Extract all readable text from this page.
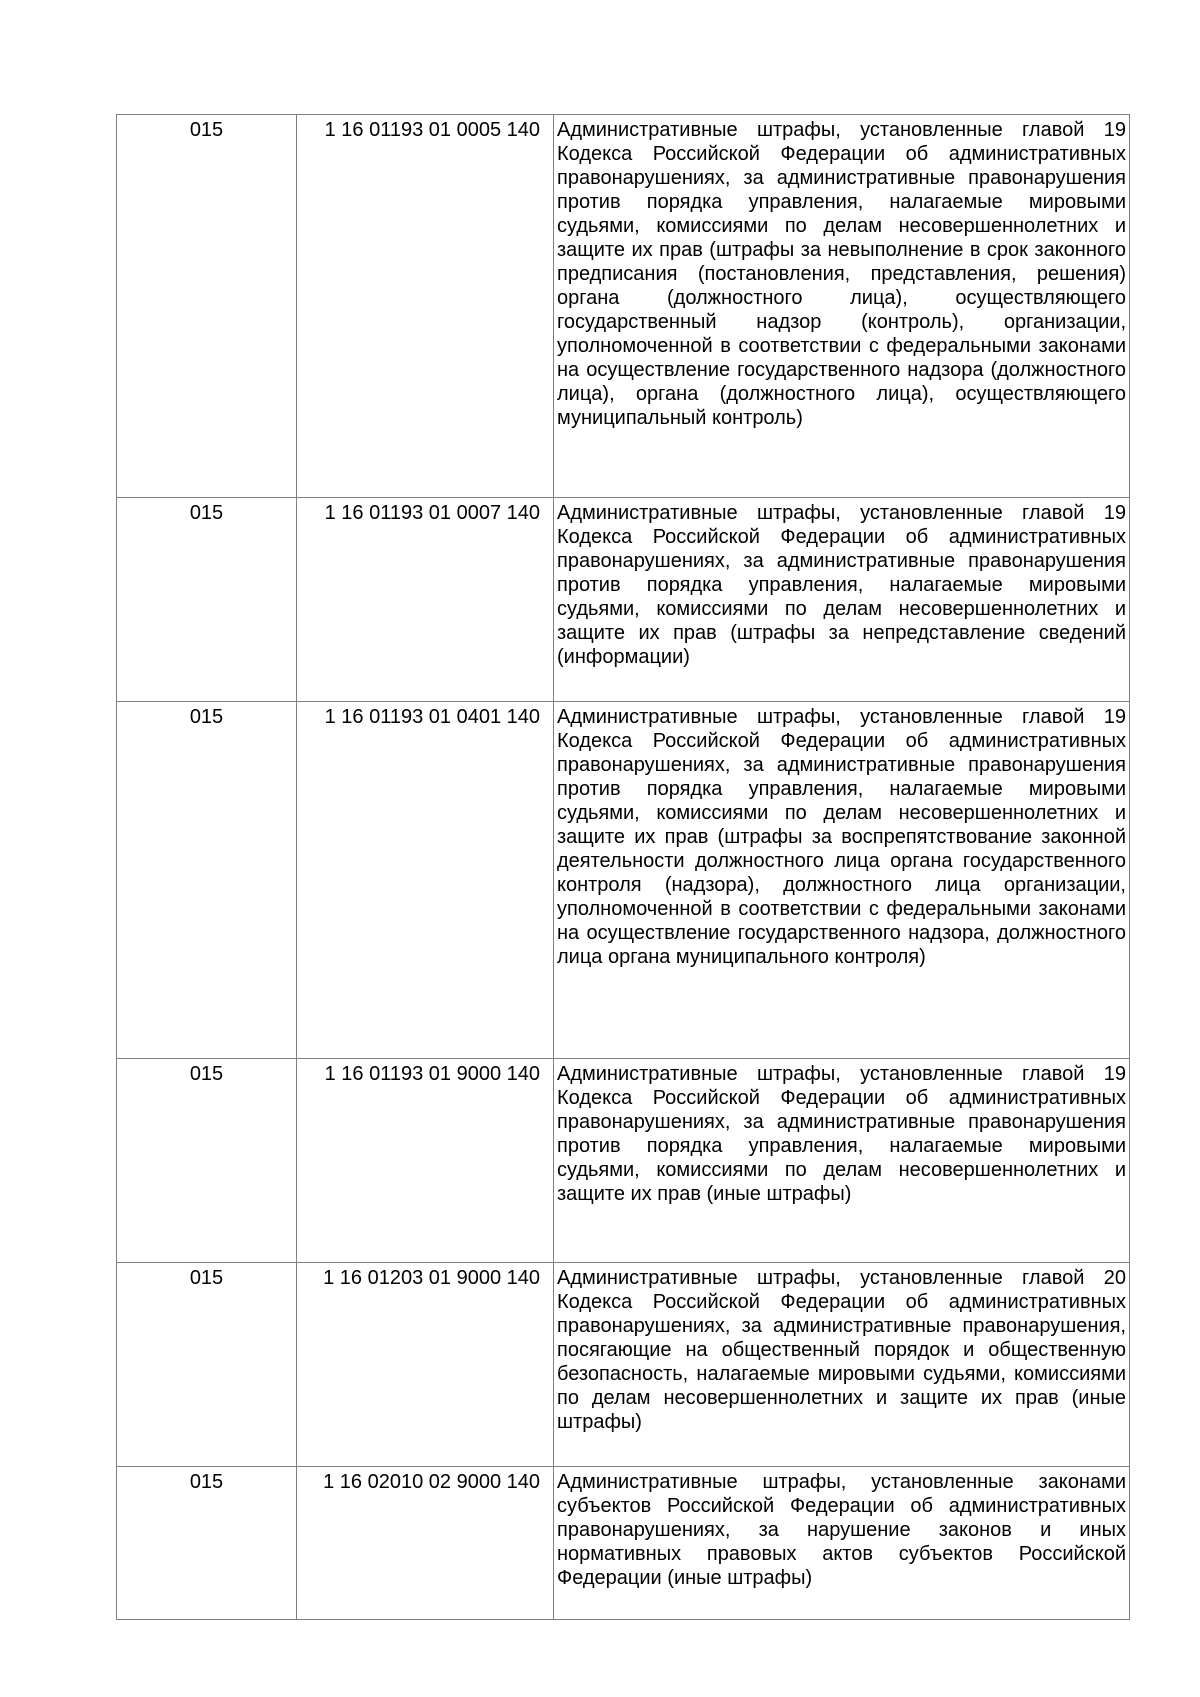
015	1 16 01193 01 0005 140	Административные штрафы, установленные главой 19 Кодекса Российской Федерации об административных правонарушениях, за административные правонарушения против порядка управления, налагаемые мировыми судьями, комиссиями по делам несовершеннолетних и защите их прав (штрафы за невыполнение в срок законного предписания (постановления, представления, решения) органа (должностного лица), осуществляющего государственный надзор (контроль), организации, уполномоченной в соответствии с федеральными законами на осуществление государственного надзора (должностного лица), органа (должностного лица), осуществляющего муниципальный контроль)
015	1 16 01193 01 0007 140	Административные штрафы, установленные главой 19 Кодекса Российской Федерации об административных правонарушениях, за административные правонарушения против порядка управления, налагаемые мировыми судьями, комиссиями по делам несовершеннолетних и защите их прав (штрафы за непредставление сведений (информации)
015	1 16 01193 01 0401 140	Административные штрафы, установленные главой 19 Кодекса Российской Федерации об административных правонарушениях, за административные правонарушения против порядка управления, налагаемые мировыми судьями, комиссиями по делам несовершеннолетних и защите их прав (штрафы за воспрепятствование законной деятельности должностного лица органа государственного контроля (надзора), должностного лица организации, уполномоченной в соответствии с федеральными законами на осуществление государственного надзора, должностного лица органа муниципального контроля)
015	1 16 01193 01 9000 140	Административные штрафы, установленные главой 19 Кодекса Российской Федерации об административных правонарушениях, за административные правонарушения против порядка управления, налагаемые мировыми судьями, комиссиями по делам несовершеннолетних и защите их прав (иные штрафы)
015	1 16 01203 01 9000 140	Административные штрафы, установленные главой 20 Кодекса Российской Федерации об административных правонарушениях, за административные правонарушения, посягающие на общественный порядок и общественную безопасность, налагаемые мировыми судьями, комиссиями по делам несовершеннолетних и защите их прав (иные штрафы)
015	1 16 02010 02 9000 140	Административные штрафы, установленные законами субъектов Российской Федерации об административных правонарушениях, за нарушение законов и иных нормативных правовых актов субъектов Российской Федерации (иные штрафы)
